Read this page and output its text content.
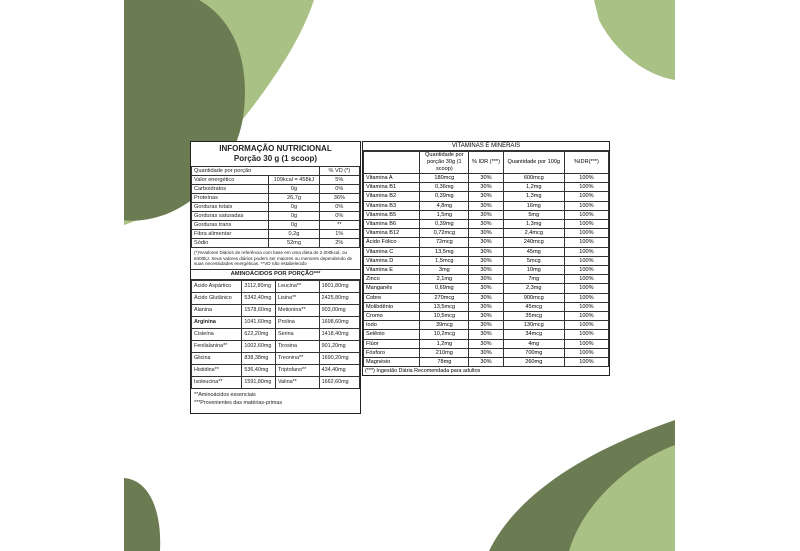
INFORMAÇÃO NUTRICIONAL
Porção 30 g (1 scoop)
Quantidade por porção		% VD (*)
Valor energético	109kcal = 458kJ	5%
Carboidratos	0g	0%
Proteínas	26,7g	36%
Gorduras totais	0g	0%
Gorduras saturadas	0g	0%
Gorduras trans	0g	**
Fibra alimentar	0,2g	1%
Sódio	52mg	2%
(*)%Valores Diários de referência com base em uma dieta de 2.000kcal, ou 8400kJ. Seus valores diários podem ser maiores ou menores dependendo de suas necessidades energéticas. **VD não estabelecido
AMINOÁCIDOS POR PORÇÃO***
Ácido Aspártico	3112,80mg	Leucina**	1801,80mg
Ácido Glutânico	5342,40mg	Lisina**	2425,80mg
Alanina	1578,60mg	Metionina**	903,00mg
Arginina	1041,60mg	Prolina	1698,60mg
Cisteína	622,20mg	Serina	1418,40mg
Fenilalanina**	1002,60mg	Tirosina	901,20mg
Glicina	838,38mg	Treonina**	1690,20mg
Histidina**	536,40mg	Triptofano**	434,40mg
Isoleucina**	1591,80mg	Valina**	1662,60mg
**Aminoácidos essenciais
***Provenientes das matérias-primas
VITAMINAS E MINERAIS
	Quantidade por porção 30g (1 scoop)	% IDR (***)	Quantidade por 100g	%IDR(***)
Vitamina A	180mcg	30%	600mcg	100%
Vitamina B1	0,36mg	30%	1,2mg	100%
Vitamina B2	0,39mg	30%	1,3mg	100%
Vitamina B3	4,8mg	30%	16mg	100%
Vitamina B5	1,5mg	30%	5mg	100%
Vitamina B6	0,39mg	30%	1,3mg	100%
Vitamina B12	0,72mcg	30%	2,4mcg	100%
Ácido Fólico	72mcg	30%	240mcg	100%
Vitamina C	13,5mg	30%	45mg	100%
Vitamina D	1,5mcg	30%	5mcg	100%
Vitamina E	3mg	30%	10mg	100%
Zinco	2,1mg	30%	7mg	100%
Manganês	0,69mg	30%	2,3mg	100%
Cobre	270mcg	30%	900mcg	100%
Molibdênio	13,5mcg	30%	45mcg	100%
Cromo	10,5mcg	30%	35mcg	100%
Iodo	39mcg	30%	130mcg	100%
Selênio	10,2mcg	30%	34mcg	100%
Flúor	1,2mg	30%	4mg	100%
Fósforo	210mg	30%	700mg	100%
Magnésio	78mg	30%	260mg	100%
(***) Ingestão Diária Recomendada para adultos
